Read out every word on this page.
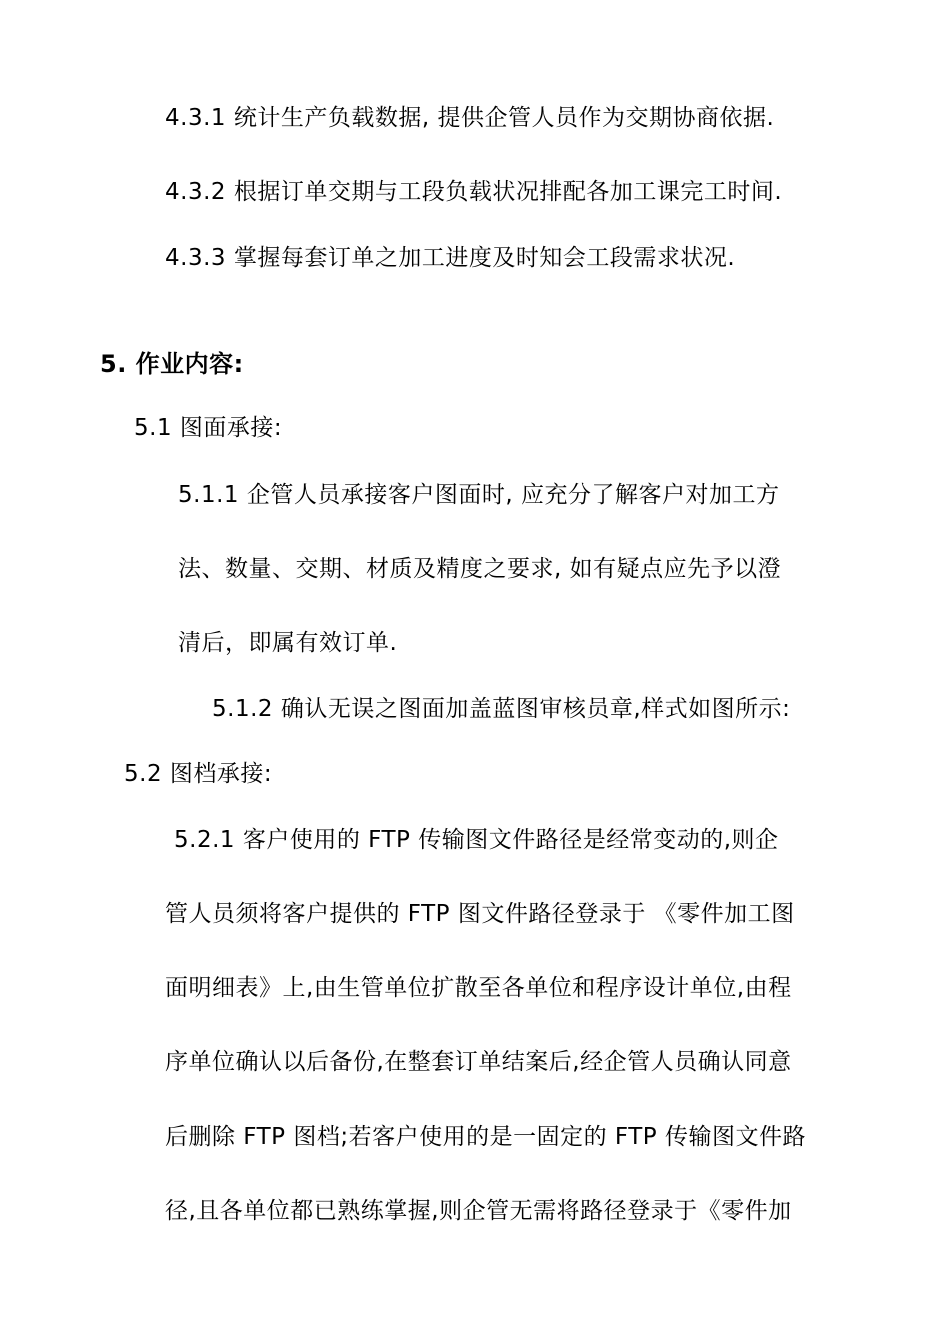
4.3.1 统计生产负载数据, 提供企管人员作为交期协商依据.
4.3.2 根据订单交期与工段负载状况排配各加工课完工时间.
4.3.3 掌握每套订单之加工进度及时知会工段需求状况.
5. 作业内容:
5.1 图面承接:
5.1.1 企管人员承接客户图面时, 应充分了解客户对加工方
法、数量、交期、材质及精度之要求, 如有疑点应先予以澄
清后，即属有效订单.
5.1.2 确认无误之图面加盖蓝图审核员章,样式如图所示:
5.2 图档承接:
5.2.1 客户使用的 FTP 传输图文件路径是经常变动的,则企
管人员须将客户提供的 FTP 图文件路径登录于 《零件加工图
面明细表》上,由生管单位扩散至各单位和程序设计单位,由程
序单位确认以后备份,在整套订单结案后,经企管人员确认同意
后删除 FTP 图档;若客户使用的是一固定的 FTP 传输图文件路
径,且各单位都已熟练掌握,则企管无需将路径登录于《零件加
